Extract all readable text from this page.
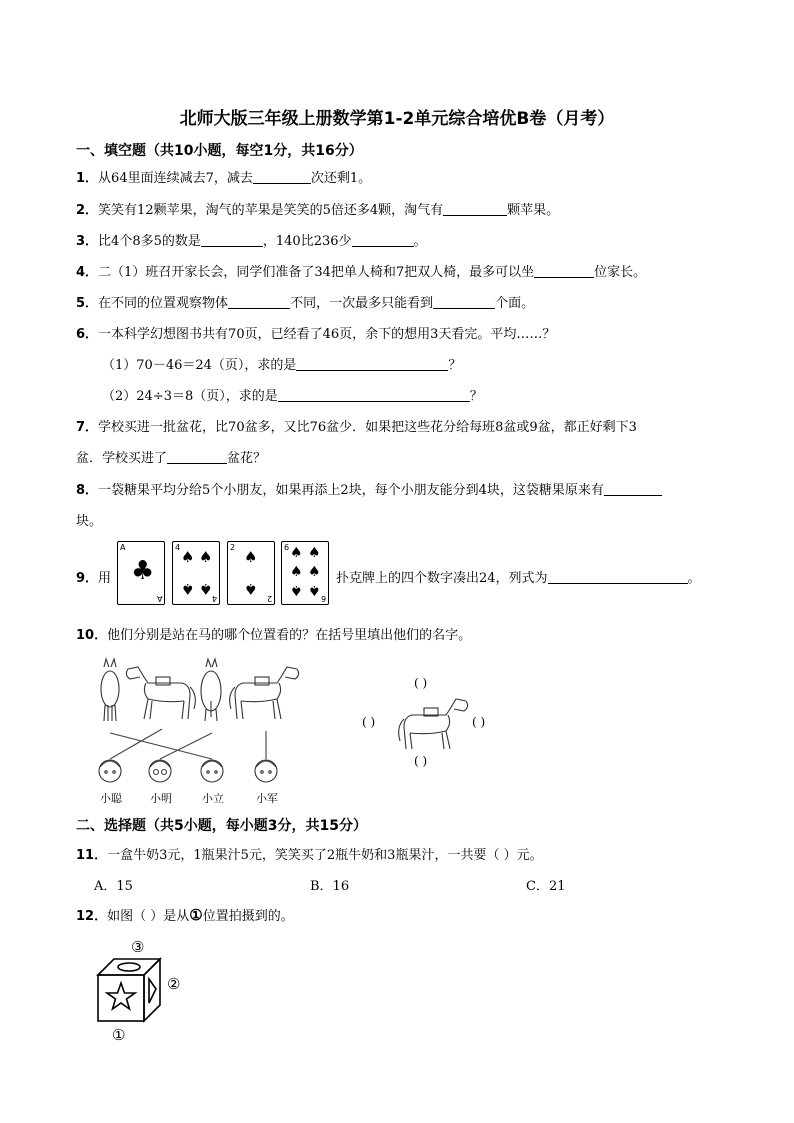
北师大版三年级上册数学第1-2单元综合培优B卷（月考）
一、填空题（共10小题，每空1分，共16分）
1．从64里面连续减去7，减去	次还剩1。
2．笑笑有12颗苹果，淘气的苹果是笑笑的5倍还多4颗，淘气有	颗苹果。
3．比4个8多5的数是	，140比236少	。
4．二（1）班召开家长会，同学们准备了34把单人椅和7把双人椅，最多可以坐	位家长。
5．在不同的位置观察物体	不同，一次最多只能看到	个面。
6．一本科学幻想图书共有70页，已经看了46页，余下的想用3天看完。平均……？
（1）70－46＝24（页），求的是	？
（2）24÷3＝8（页），求的是	？
7．学校买进一批盆花，比70盆多，又比76盆少．如果把这些花分给每班8盆或9盆，都正好剩下3
盆．学校买进了	盆花？
8．一袋糖果平均分给5个小朋友，如果再添上2块，每个小朋友能分到4块，这袋糖果原来有
块。
9．用
A
♣
A
4
♠ ♠
♠ ♠
4
2
♠
♠
2
6 ♠ ♠
♠ ♠
♠ ♠
6
扑克牌上的四个数字凑出24，列式为	。
10．他们分别是站在马的哪个位置看的？在括号里填出他们的名字。
小聪	小明	小立	小军
( )
( )	( )
( )
二、选择题（共5小题，每小题3分，共15分）
11．一盒牛奶3元，1瓶果汁5元，笑笑买了2瓶牛奶和3瓶果汁，一共要（ ）元。
A．15	B．16	C．21
12．如图（ ）是从①位置拍摄到的。
③
②
①
